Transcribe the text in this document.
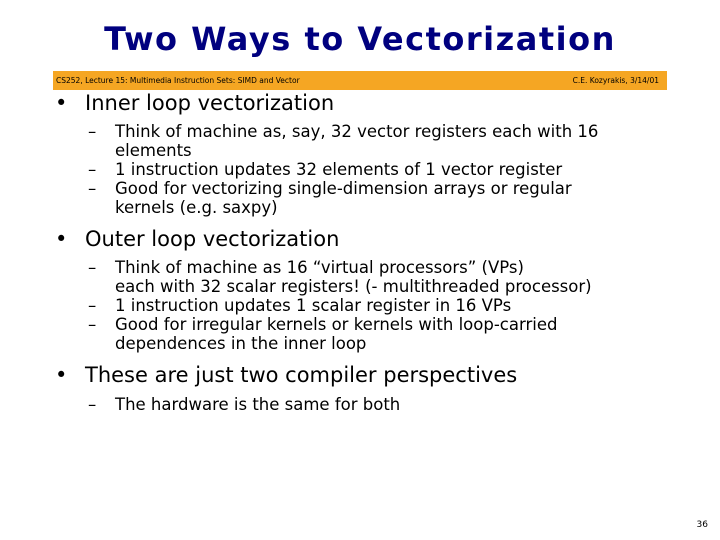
Two Ways to Vectorization
CS252, Lecture 15: Multimedia Instruction Sets: SIMD and Vector	C.E. Kozyrakis, 3/14/01
• Inner loop vectorization
– Think of machine as, say, 32 vector registers each with 16
elements
– 1 instruction updates 32 elements of 1 vector register
– Good for vectorizing single-dimension arrays or regular
kernels (e.g. saxpy)
• Outer loop vectorization
– Think of machine as 16 “virtual processors” (VPs)
each with 32 scalar registers! (- multithreaded processor)
– 1 instruction updates 1 scalar register in 16 VPs
– Good for irregular kernels or kernels with loop-carried
dependences in the inner loop
• These are just two compiler perspectives
– The hardware is the same for both
36
